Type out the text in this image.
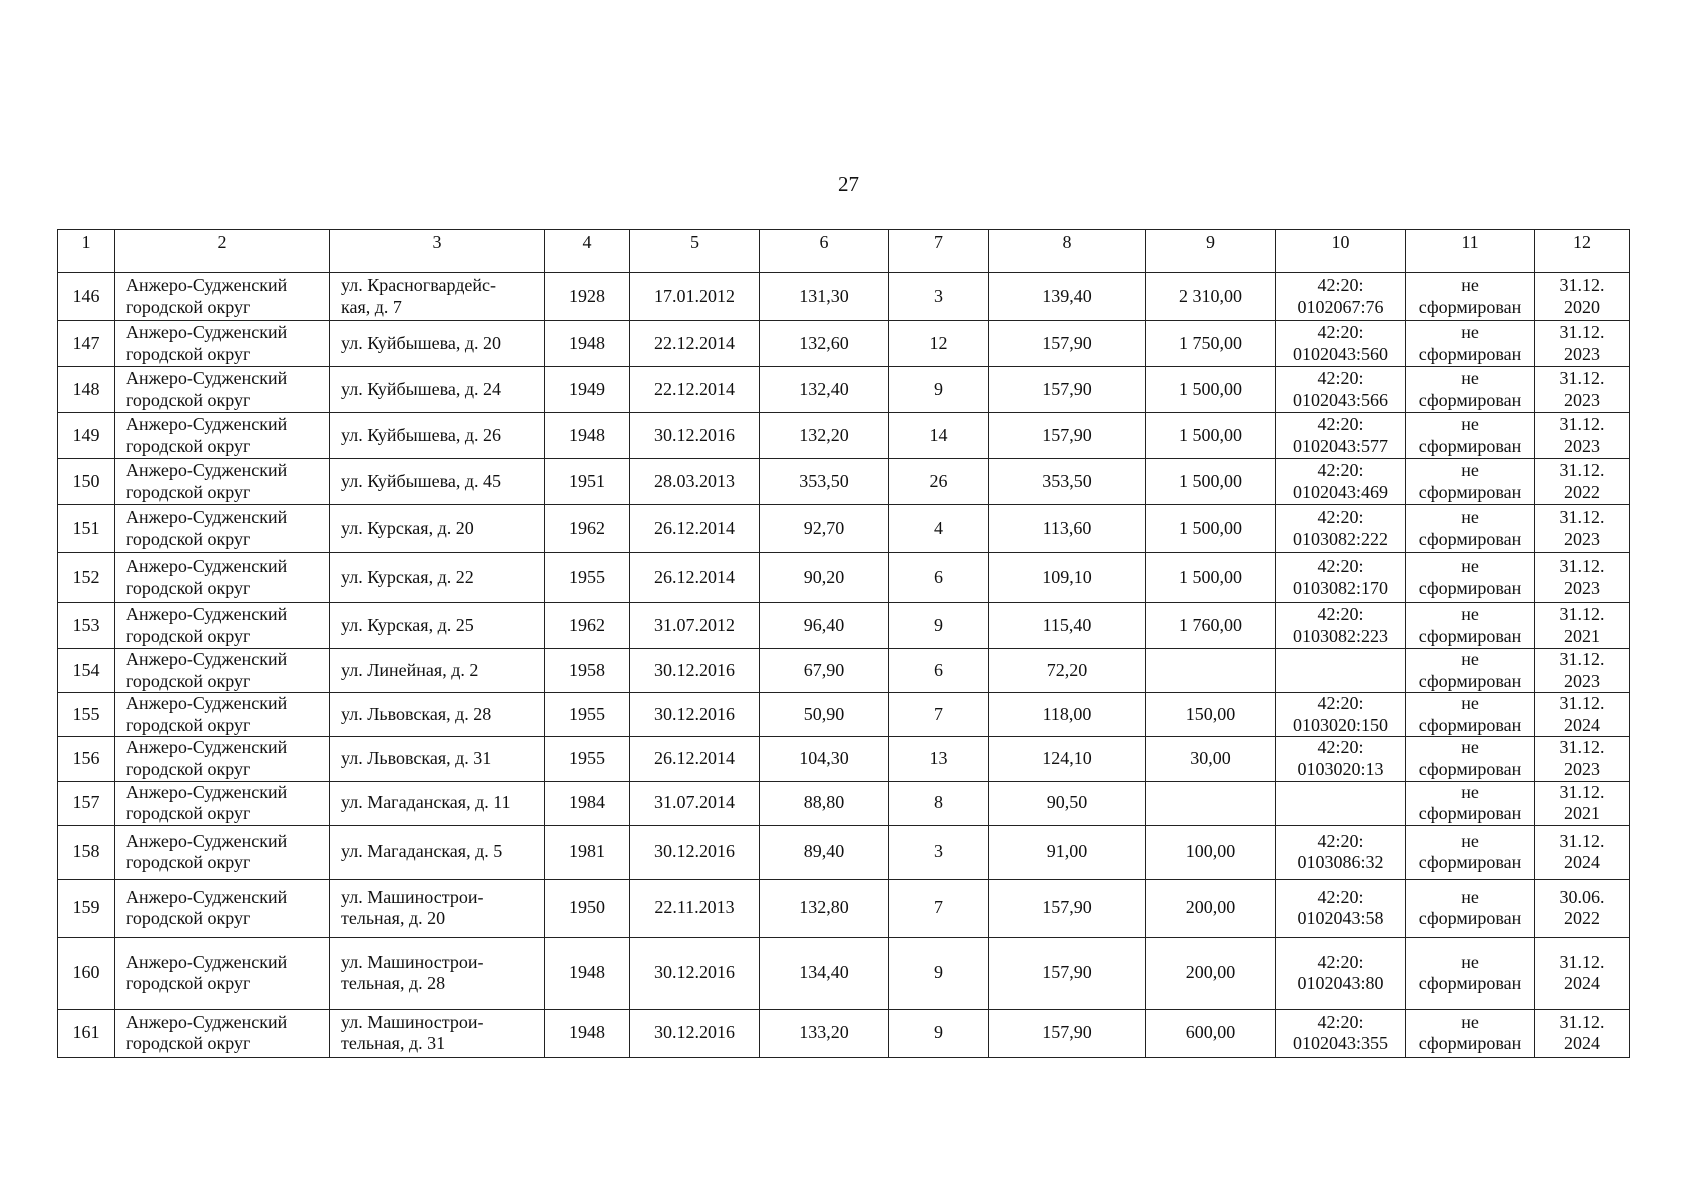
27
1	2	3	4	5	6	7	8	9	10	11	12

146	Анжеро-Судженский
городской округ	ул. Красногвардейс-
кая, д. 7	1928	17.01.2012	131,30	3	139,40	2 310,00	42:20:
0102067:76	не
сформирован	31.12.
2020

147	Анжеро-Судженский
городской округ	ул. Куйбышева, д. 20	1948	22.12.2014	132,60	12	157,90	1 750,00	42:20:
0102043:560	не
сформирован	31.12.
2023

148	Анжеро-Судженский
городской округ	ул. Куйбышева, д. 24	1949	22.12.2014	132,40	9	157,90	1 500,00	42:20:
0102043:566	не
сформирован	31.12.
2023

149	Анжеро-Судженский
городской округ	ул. Куйбышева, д. 26	1948	30.12.2016	132,20	14	157,90	1 500,00	42:20:
0102043:577	не
сформирован	31.12.
2023

150	Анжеро-Судженский
городской округ	ул. Куйбышева, д. 45	1951	28.03.2013	353,50	26	353,50	1 500,00	42:20:
0102043:469	не
сформирован	31.12.
2022

151	Анжеро-Судженский
городской округ	ул. Курская, д. 20	1962	26.12.2014	92,70	4	113,60	1 500,00	42:20:
0103082:222	не
сформирован	31.12.
2023

152	Анжеро-Судженский
городской округ	ул. Курская, д. 22	1955	26.12.2014	90,20	6	109,10	1 500,00	42:20:
0103082:170	не
сформирован	31.12.
2023

153	Анжеро-Судженский
городской округ	ул. Курская, д. 25	1962	31.07.2012	96,40	9	115,40	1 760,00	42:20:
0103082:223	не
сформирован	31.12.
2021

154	Анжеро-Судженский
городской округ	ул. Линейная, д. 2	1958	30.12.2016	67,90	6	72,20			не
сформирован	31.12.
2023

155	Анжеро-Судженский
городской округ	ул. Львовская, д. 28	1955	30.12.2016	50,90	7	118,00	150,00	42:20:
0103020:150	не
сформирован	31.12.
2024

156	Анжеро-Судженский
городской округ	ул. Львовская, д. 31	1955	26.12.2014	104,30	13	124,10	30,00	42:20:
0103020:13	не
сформирован	31.12.
2023

157	Анжеро-Судженский
городской округ	ул. Магаданская, д. 11	1984	31.07.2014	88,80	8	90,50			не
сформирован	31.12.
2021

158	Анжеро-Судженский
городской округ	ул. Магаданская, д. 5	1981	30.12.2016	89,40	3	91,00	100,00	42:20:
0103086:32	не
сформирован	31.12.
2024

159	Анжеро-Судженский
городской округ	ул. Машинострои-
тельная, д. 20	1950	22.11.2013	132,80	7	157,90	200,00	42:20:
0102043:58	не
сформирован	30.06.
2022

160	Анжеро-Судженский
городской округ	ул. Машинострои-
тельная, д. 28	1948	30.12.2016	134,40	9	157,90	200,00	42:20:
0102043:80	не
сформирован	31.12.
2024

161	Анжеро-Судженский
городской округ	ул. Машинострои-
тельная, д. 31	1948	30.12.2016	133,20	9	157,90	600,00	42:20:
0102043:355	не
сформирован	31.12.
2024
